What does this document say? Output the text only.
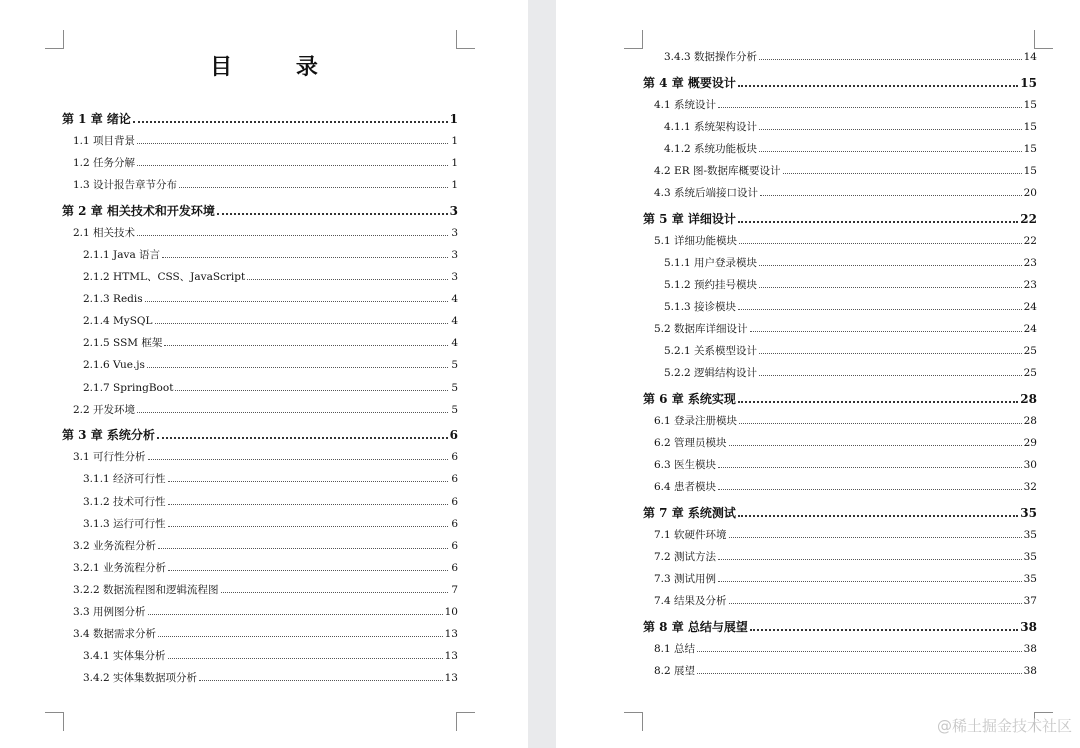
目 录
第 1 章 绪论	1
1.1 项目背景	1
1.2 任务分解	1
1.3 设计报告章节分布	1
第 2 章 相关技术和开发环境	3
2.1 相关技术	3
2.1.1 Java 语言	3
2.1.2 HTML、CSS、JavaScript	3
2.1.3 Redis	4
2.1.4 MySQL	4
2.1.5 SSM 框架	4
2.1.6 Vue.js	5
2.1.7 SpringBoot	5
2.2 开发环境	5
第 3 章 系统分析	6
3.1 可行性分析	6
3.1.1 经济可行性	6
3.1.2 技术可行性	6
3.1.3 运行可行性	6
3.2 业务流程分析	6
3.2.1 业务流程分析	6
3.2.2 数据流程图和逻辑流程图	7
3.3 用例图分析	10
3.4 数据需求分析	13
3.4.1 实体集分析	13
3.4.2 实体集数据项分析	13
3.4.3 数据操作分析	14
第 4 章 概要设计	15
4.1 系统设计	15
4.1.1 系统架构设计	15
4.1.2 系统功能板块	15
4.2 ER 图-数据库概要设计	15
4.3 系统后端接口设计	20
第 5 章 详细设计	22
5.1 详细功能模块	22
5.1.1 用户登录模块	23
5.1.2 预约挂号模块	23
5.1.3 接诊模块	24
5.2 数据库详细设计	24
5.2.1 关系模型设计	25
5.2.2 逻辑结构设计	25
第 6 章 系统实现	28
6.1 登录注册模块	28
6.2 管理员模块	29
6.3 医生模块	30
6.4 患者模块	32
第 7 章 系统测试	35
7.1 软硬件环境	35
7.2 测试方法	35
7.3 测试用例	35
7.4 结果及分析	37
第 8 章 总结与展望	38
8.1 总结	38
8.2 展望	38
@稀土掘金技术社区
